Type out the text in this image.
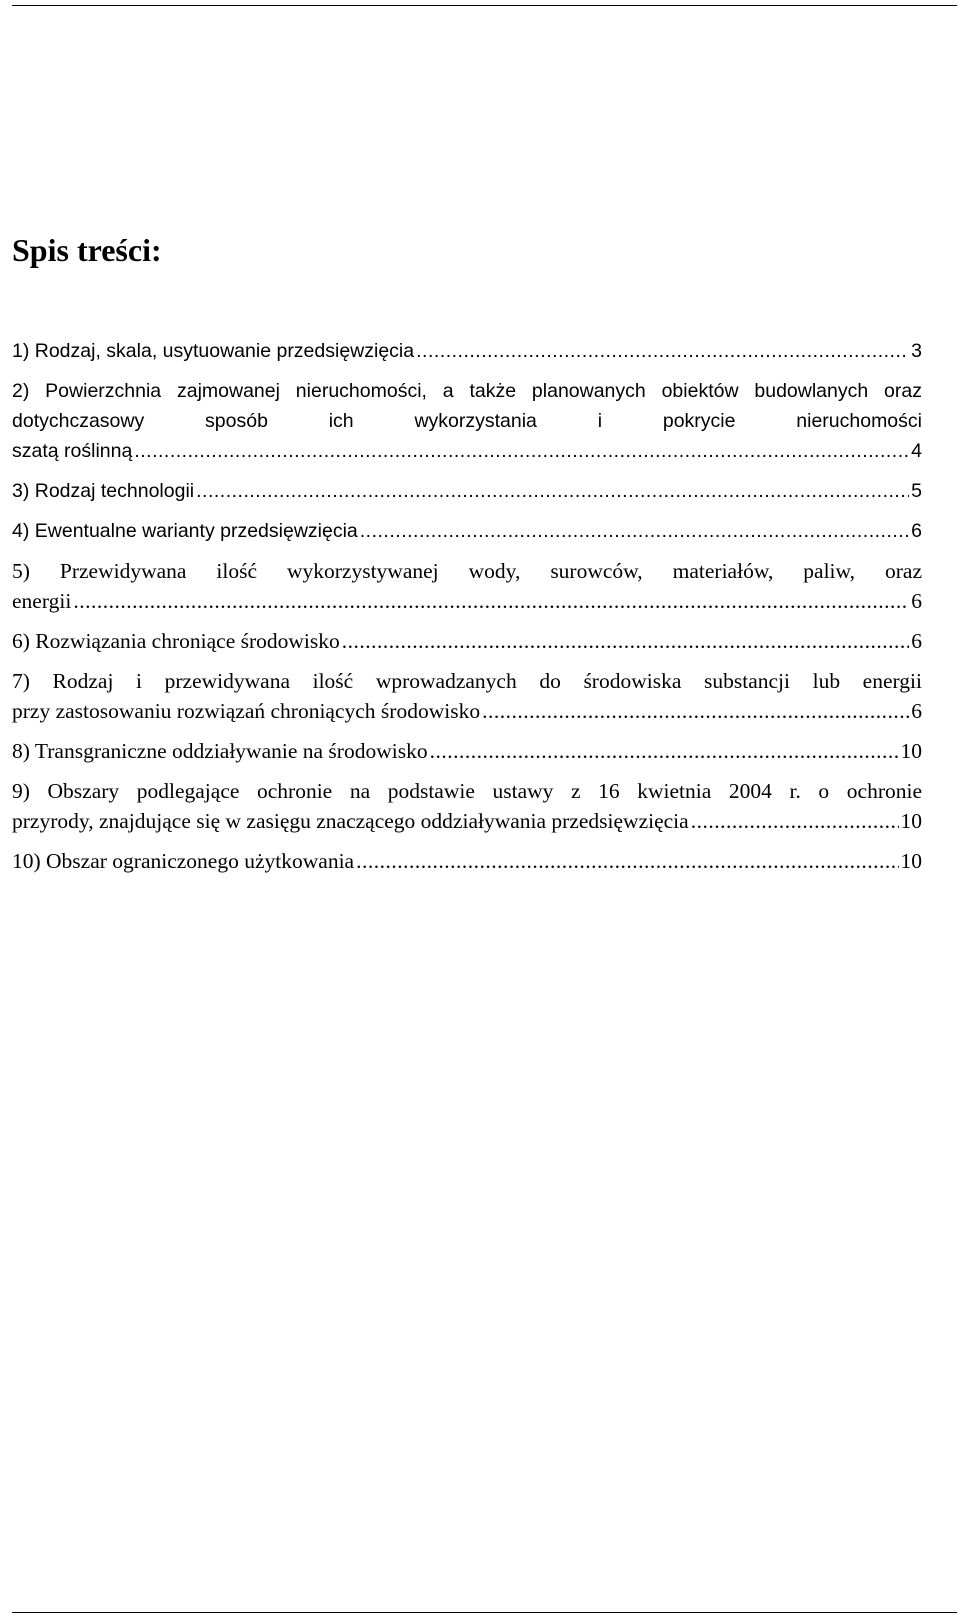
Spis treści:
1) Rodzaj, skala, usytuowanie przedsięwzięcia .....	3
2) Powierzchnia zajmowanej nieruchomości, a także planowanych obiektów budowlanych oraz dotychczasowy sposób ich wykorzystania i pokrycie nieruchomości
szatą roślinną .....	4
3) Rodzaj technologii .....	5
4) Ewentualne warianty przedsięwzięcia .....	6
5) Przewidywana ilość wykorzystywanej wody, surowców, materiałów, paliw, oraz
energii .....	6
6) Rozwiązania chroniące środowisko .....	6
7) Rodzaj i przewidywana ilość wprowadzanych do środowiska substancji lub energii
przy zastosowaniu rozwiązań chroniących środowisko .....	6
8) Transgraniczne oddziaływanie na środowisko .....	10
9) Obszary podlegające ochronie na podstawie ustawy z 16 kwietnia 2004 r. o ochronie
przyrody, znajdujące się w zasięgu znaczącego oddziaływania przedsięwzięcia .....	10
10) Obszar ograniczonego użytkowania .....	10
